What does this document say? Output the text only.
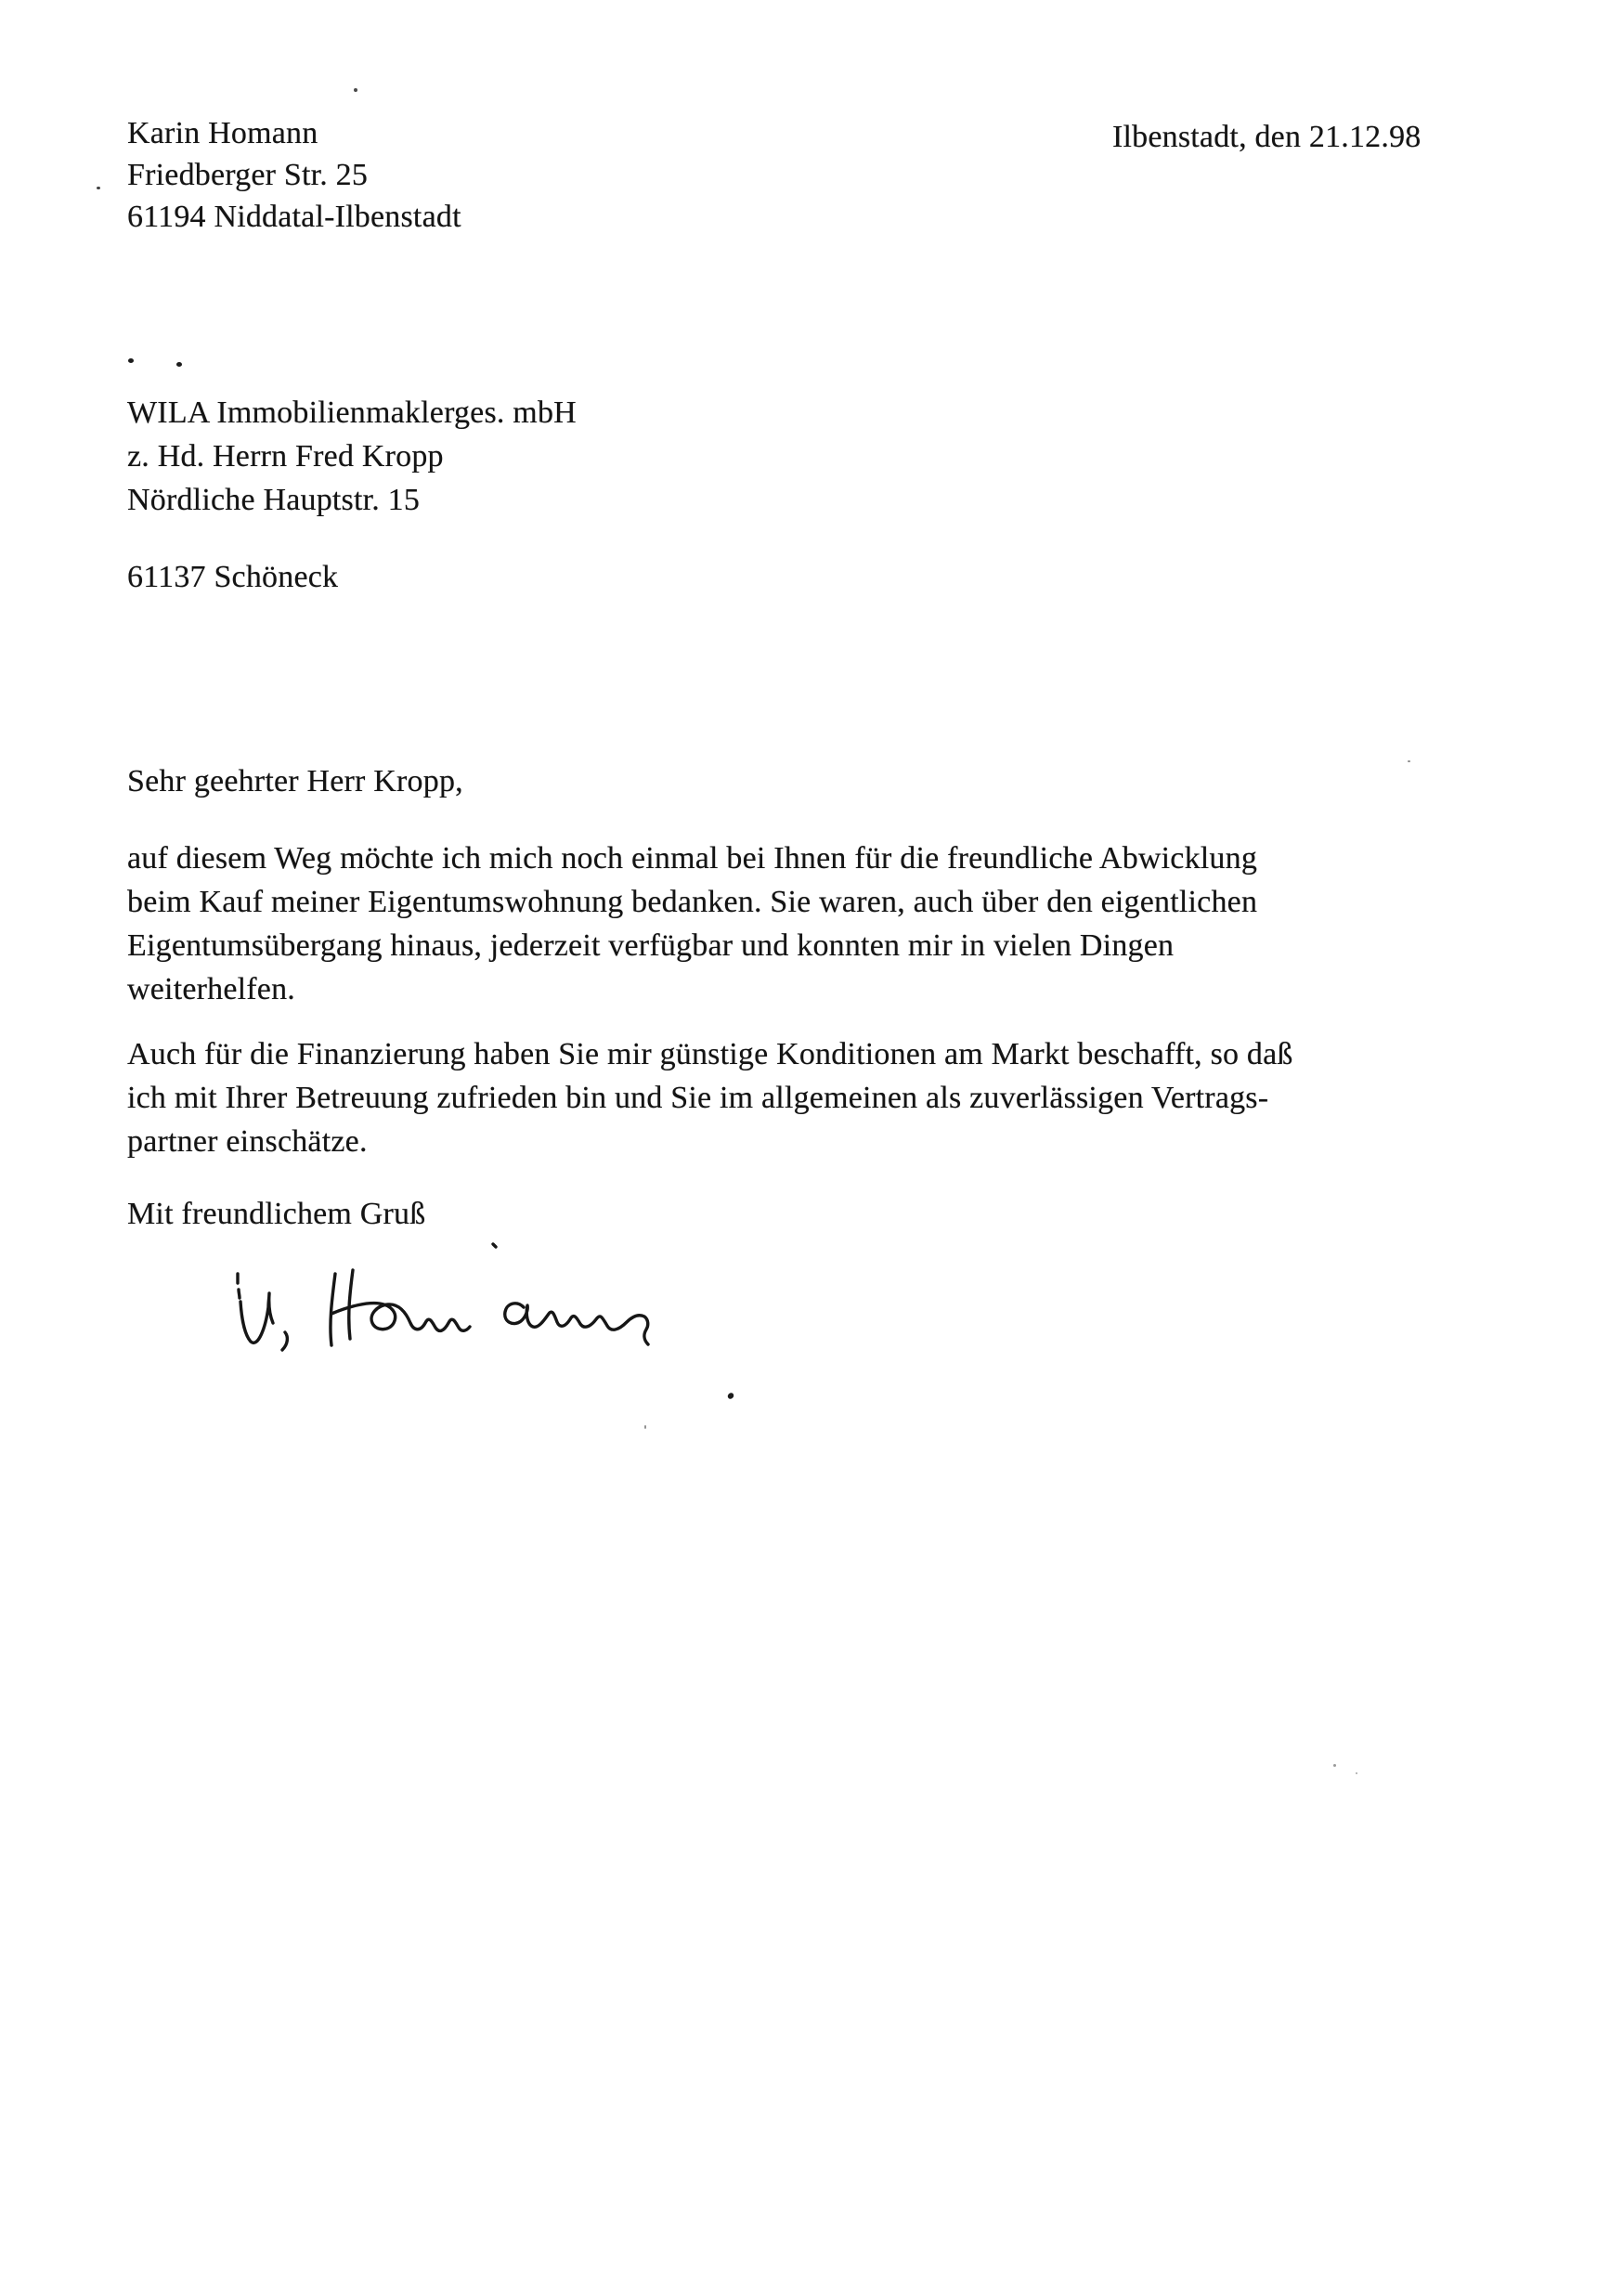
Karin Homann
Friedberger Str. 25
61194 Niddatal-Ilbenstadt
Ilbenstadt, den 21.12.98
WILA Immobilienmaklerges. mbH
z. Hd. Herrn Fred Kropp
Nördliche Hauptstr. 15
61137 Schöneck
Sehr geehrter Herr Kropp,
auf diesem Weg möchte ich mich noch einmal bei Ihnen für die freundliche Abwicklung
beim Kauf meiner Eigentumswohnung bedanken. Sie waren, auch über den eigentlichen
Eigentumsübergang hinaus, jederzeit verfügbar und konnten mir in vielen Dingen
weiterhelfen.
Auch für die Finanzierung haben Sie mir günstige Konditionen am Markt beschafft, so daß
ich mit Ihrer Betreuung zufrieden bin und Sie im allgemeinen als zuverlässigen Vertrags-
partner einschätze.
Mit freundlichem Gruß
